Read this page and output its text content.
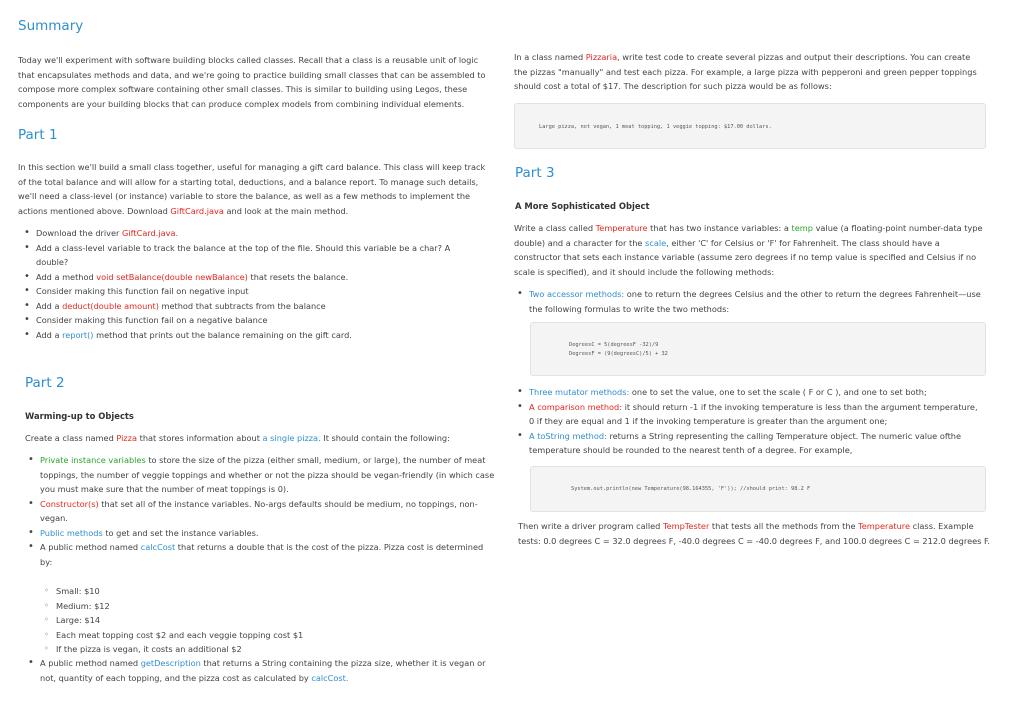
Summary

Today we'll experiment with software building blocks called classes. Recall that a class is a reusable unit of logic that encapsulates methods and data, and we're going to practice building small classes that can be assembled to compose more complex software containing other small classes. This is similar to building using Legos, these components are your building blocks that can produce complex models from combining individual elements.

Part 1

In this section we'll build a small class together, useful for managing a gift card balance. This class will keep track of the total balance and will allow for a starting total, deductions, and a balance report. To manage such details, we'll need a class-level (or instance) variable to store the balance, as well as a few methods to implement the actions mentioned above. Download GiftCard.java and look at the main method.

• Download the driver GiftCard.java.
• Add a class-level variable to track the balance at the top of the file. Should this variable be a char? A double?
• Add a method void setBalance(double newBalance) that resets the balance.
• Consider making this function fail on negative input
• Add a deduct(double amount) method that subtracts from the balance
• Consider making this function fail on a negative balance
• Add a report() method that prints out the balance remaining on the gift card.
Part 2
Warming-up to Objects

Create a class named Pizza that stores information about a single pizza. It should contain the following:

• Private instance variables to store the size of the pizza (either small, medium, or large), the number of meat toppings, the number of veggie toppings and whether or not the pizza should be vegan-friendly (in which case you must make sure that the number of meat toppings is 0).
• Constructor(s) that set all of the instance variables. No-args defaults should be medium, no toppings, non-vegan.
• Public methods to get and set the instance variables.
• A public method named calcCost that returns a double that is the cost of the pizza. Pizza cost is determined by:
◦ Small: $10
◦ Medium: $12
◦ Large: $14
◦ Each meat topping cost $2 and each veggie topping cost $1
◦ If the pizza is vegan, it costs an additional $2
• A public method named getDescription that returns a String containing the pizza size, whether it is vegan or not, quantity of each topping, and the pizza cost as calculated by calcCost.

In a class named Pizzaria, write test code to create several pizzas and output their descriptions. You can create the pizzas "manually" and test each pizza. For example, a large pizza with pepperoni and green pepper toppings should cost a total of $17. The description for such pizza would be as follows:

Large pizza, not vegan, 1 meat topping, 1 veggie topping: $17.00 dollars.
Part 3
A More Sophisticated Object

Write a class called Temperature that has two instance variables: a temp value (a floating-point number-data type double) and a character for the scale, either 'C' for Celsius or 'F' for Fahrenheit. The class should have a constructor that sets each instance variable (assume zero degrees if no temp value is specified and Celsius if no scale is specified), and it should include the following methods:

• Two accessor methods: one to return the degrees Celsius and the other to return the degrees Fahrenheit—use the following formulas to write the two methods:
DegreesC = 5(degreesF -32)/9
DegreesF = (9(degreesC)/5) + 32
• Three mutator methods: one to set the value, one to set the scale ( F or C ), and one to set both;
• A comparison method: it should return -1 if the invoking temperature is less than the argument temperature, 0 if they are equal and 1 if the invoking temperature is greater than the argument one;
• A toString method: returns a String representing the calling Temperature object. The numeric value ofthe temperature should be rounded to the nearest tenth of a degree. For example,
System.out.println(new Temperature(98.164355, 'F')); //should print: 98.2 F

Then write a driver program called TempTester that tests all the methods from the Temperature class. Example tests: 0.0 degrees C = 32.0 degrees F, -40.0 degrees C = -40.0 degrees F, and 100.0 degrees C = 212.0 degrees F.
